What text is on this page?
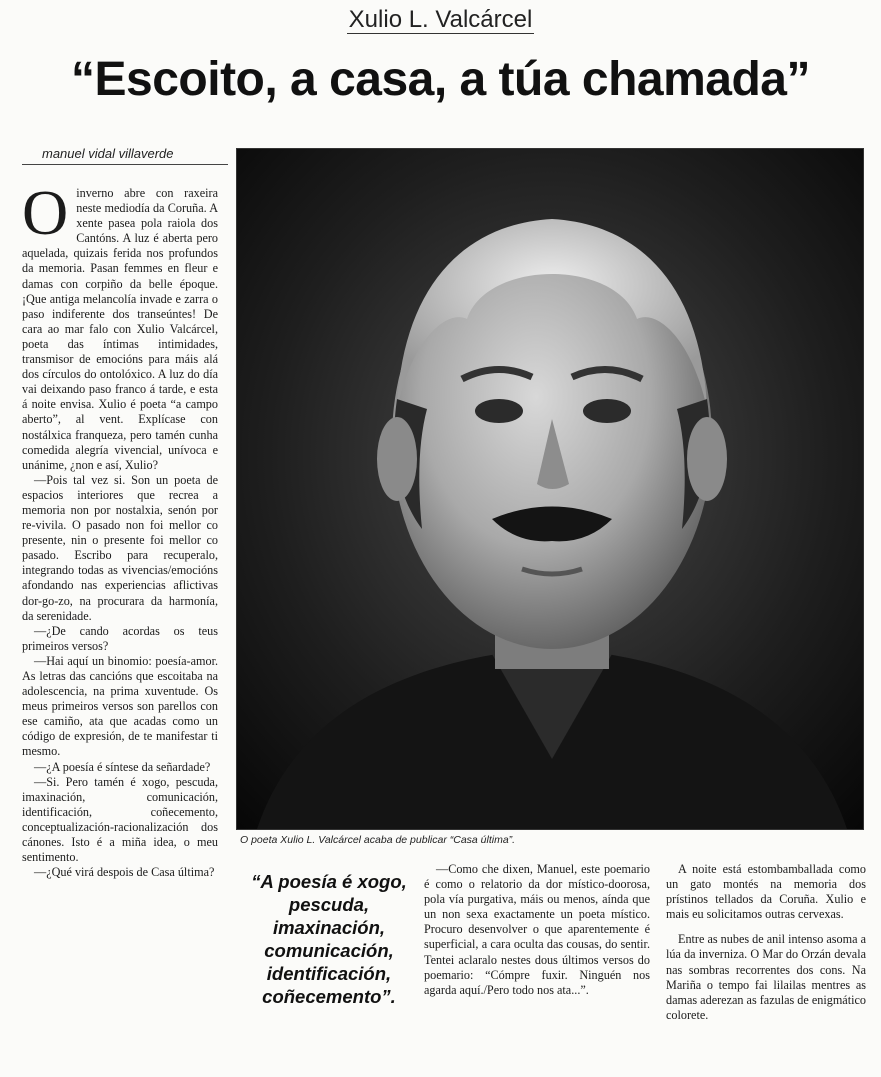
Xulio L. Valcárcel
“Escoito, a casa, a túa chamada”
manuel vidal villaverde

Oinverno abre con raxeira neste mediodía da Coruña. A xente pasea pola raiola dos Cantóns. A luz é aberta pero aquelada, quizais ferida nos profundos da memoria. Pasan femmes en fleur e damas con corpiño da belle époque. ¡Que antiga melancolía invade e zarra o paso indiferente dos transeúntes! De cara ao mar falo con Xulio Valcárcel, poeta das íntimas intimidades, transmisor de emocións para máis alá dos círculos do ontolóxico. A luz do día vai deixando paso franco á tarde, e esta á noite envisa. Xulio é poeta “a campo aberto”, al vent. Explícase con nostálxica franqueza, pero tamén cunha comedida alegría vivencial, unívoca e unánime, ¿non e así, Xulio?

—Pois tal vez si. Son un poeta de espacios interiores que recrea a memoria non por nostalxia, senón por re-vivila. O pasado non foi mellor co presente, nin o presente foi mellor co pasado. Escribo para recuperalo, integrando todas as vivencias/emocións afondando nas experiencias aflictivas dor-go-zo, na procurara da harmonía, da serenidade.

—¿De cando acordas os teus primeiros versos?

—Hai aquí un binomio: poesía-amor. As letras das cancións que escoitaba na adolescencia, na prima xuventude. Os meus primeiros versos son parellos con ese camiño, ata que acadas como un código de expresión, de te manifestar ti mesmo.

—¿A poesía é síntese da señardade?

—Si. Pero tamén é xogo, pescuda, imaxinación, comunicación, identificación, coñecemento, conceptualización-racionalización dos cánones. Isto é a miña idea, o meu sentimento.

—¿Qué virá despois de Casa última?

O poeta Xulio L. Valcárcel acaba de publicar “Casa última”.
“A poesía é xogo, pescuda, imaxinación, comunicación, identificación, coñecemento”.

—Como che dixen, Manuel, este poemario é como o relatorio da dor místico-doorosa, pola vía purgativa, máis ou menos, aínda que un non sexa exactamente un poeta místico. Procuro desenvolver o que aparentemente é superficial, a cara oculta das cousas, do sentir. Tentei aclaralo nestes dous últimos versos do poemario: “Cómpre fuxir. Ninguén nos agarda aquí./Pero todo nos ata...”.

A noite está estombamballada como un gato montés na memoria dos prístinos tellados da Coruña. Xulio e mais eu solicitamos outras cervexas.

Entre as nubes de anil intenso asoma a lúa da inverniza. O Mar do Orzán devala nas sombras recorrentes dos cons. Na Mariña o tempo fai lilailas mentres as damas aderezan as fazulas de enigmático colorete.
